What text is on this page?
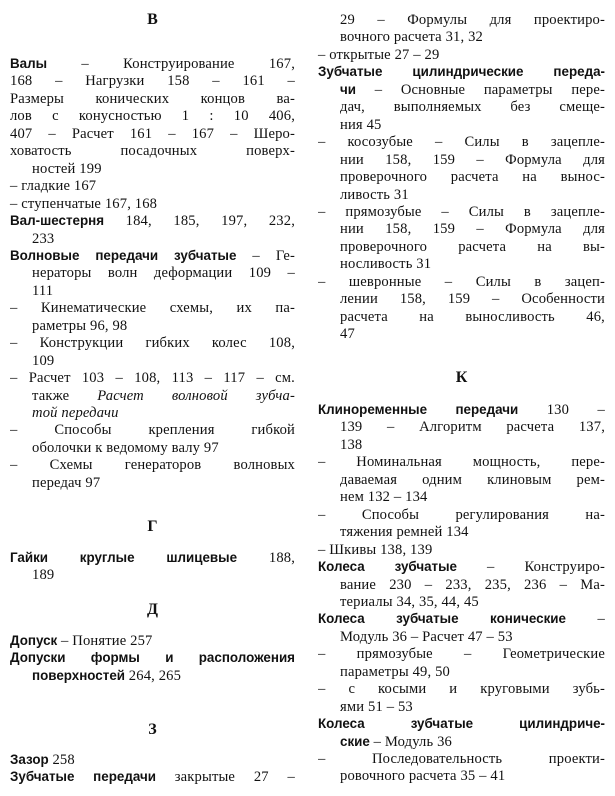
В
Валы – Конструирование 167,
168 – Нагрузки 158 – 161 –
Размеры конических концов ва-
лов с конусностью 1 : 10 406,
407 – Расчет 161 – 167 – Шеро-
ховатость посадочных поверх-
ностей 199
– гладкие 167
– ступенчатые 167, 168
Вал-шестерня 184, 185, 197, 232,
233
Волновые передачи зубчатые – Ге-
нераторы волн деформации 109 –
111
– Кинематические схемы, их па-
раметры 96, 98
– Конструкции гибких колес 108,
109
– Расчет 103 – 108, 113 – 117 – см.
также Расчет волновой зубча-
той передачи
– Способы крепления гибкой
оболочки к ведомому валу 97
– Схемы генераторов волновых
передач 97
Г
Гайки круглые шлицевые 188,
189
Д
Допуск – Понятие 257
Допуски формы и расположения
поверхностей 264, 265
З
Зазор 258
Зубчатые передачи закрытые 27 –
29 – Формулы для проектиро-
вочного расчета 31, 32
– открытые 27 – 29
Зубчатые цилиндрические переда-
чи – Основные параметры пере-
дач, выполняемых без смеще-
ния 45
– косозубые – Силы в зацепле-
нии 158, 159 – Формула для
проверочного расчета на вынос-
ливость 31
– прямозубые – Силы в зацепле-
нии 158, 159 – Формула для
проверочного расчета на вы-
носливость 31
– шевронные – Силы в зацеп-
лении 158, 159 – Особенности
расчета на выносливость 46,
47
К
Клиноременные передачи 130 –
139 – Алгоритм расчета 137,
138
– Номинальная мощность, пере-
даваемая одним клиновым рем-
нем 132 – 134
– Способы регулирования на-
тяжения ремней 134
– Шкивы 138, 139
Колеса зубчатые – Конструиро-
вание 230 – 233, 235, 236 – Ма-
териалы 34, 35, 44, 45
Колеса зубчатые конические –
Модуль 36 – Расчет 47 – 53
– прямозубые – Геометрические
параметры 49, 50
– с косыми и круговыми зубь-
ями 51 – 53
Колеса зубчатые цилиндриче-
ские – Модуль 36
– Последовательность проекти-
ровочного расчета 35 – 41
